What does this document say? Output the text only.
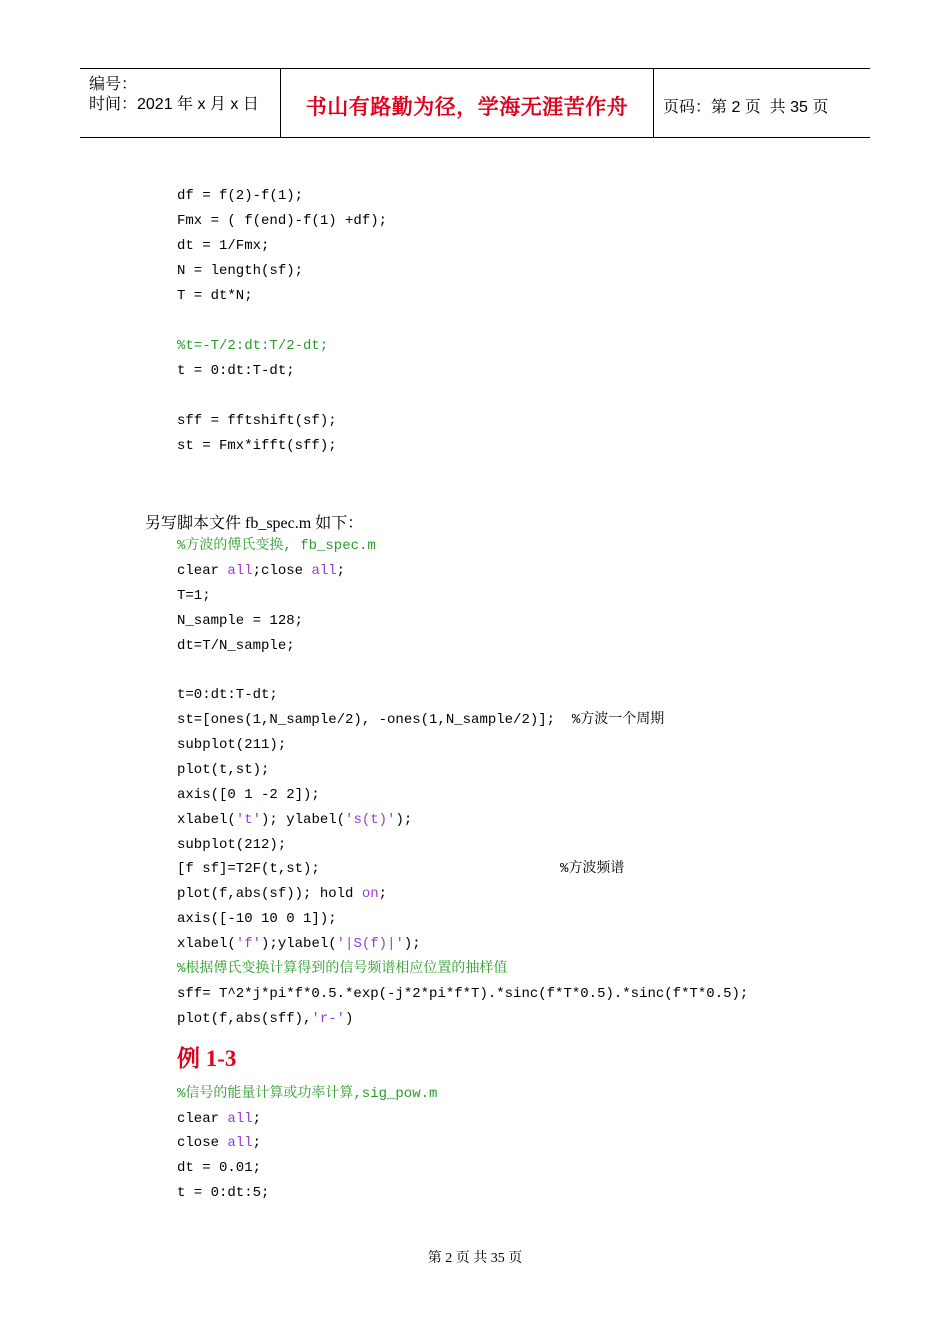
编号：
时间：2021 年 x 月 x 日	书山有路勤为径，学海无涯苦作舟	页码：第 2 页  共 35 页
df = f(2)-f(1);
Fmx = ( f(end)-f(1) +df);
dt = 1/Fmx;
N = length(sf);
T = dt*N;
%t=-T/2:dt:T/2-dt;
t = 0:dt:T-dt;
sff = fftshift(sf);
st = Fmx*ifft(sff);
另写脚本文件 fb_spec.m 如下：
%方波的傅氏变换, fb_spec.m
clear all;close all;
T=1;
N_sample = 128;
dt=T/N_sample;
t=0:dt:T-dt;
st=[ones(1,N_sample/2), -ones(1,N_sample/2)];  %方波一个周期
subplot(211);
plot(t,st);
axis([0 1 -2 2]);
xlabel('t'); ylabel('s(t)');
subplot(212);
[f sf]=T2F(t,st);	%方波频谱
plot(f,abs(sf)); hold on;
axis([-10 10 0 1]);
xlabel('f');ylabel('|S(f)|');
%根据傅氏变换计算得到的信号频谱相应位置的抽样值
sff= T^2*j*pi*f*0.5.*exp(-j*2*pi*f*T).*sinc(f*T*0.5).*sinc(f*T*0.5);
plot(f,abs(sff),'r-')
例 1-3
%信号的能量计算或功率计算,sig_pow.m
clear all;
close all;
dt = 0.01;
t = 0:dt:5;
第 2 页 共 35 页
